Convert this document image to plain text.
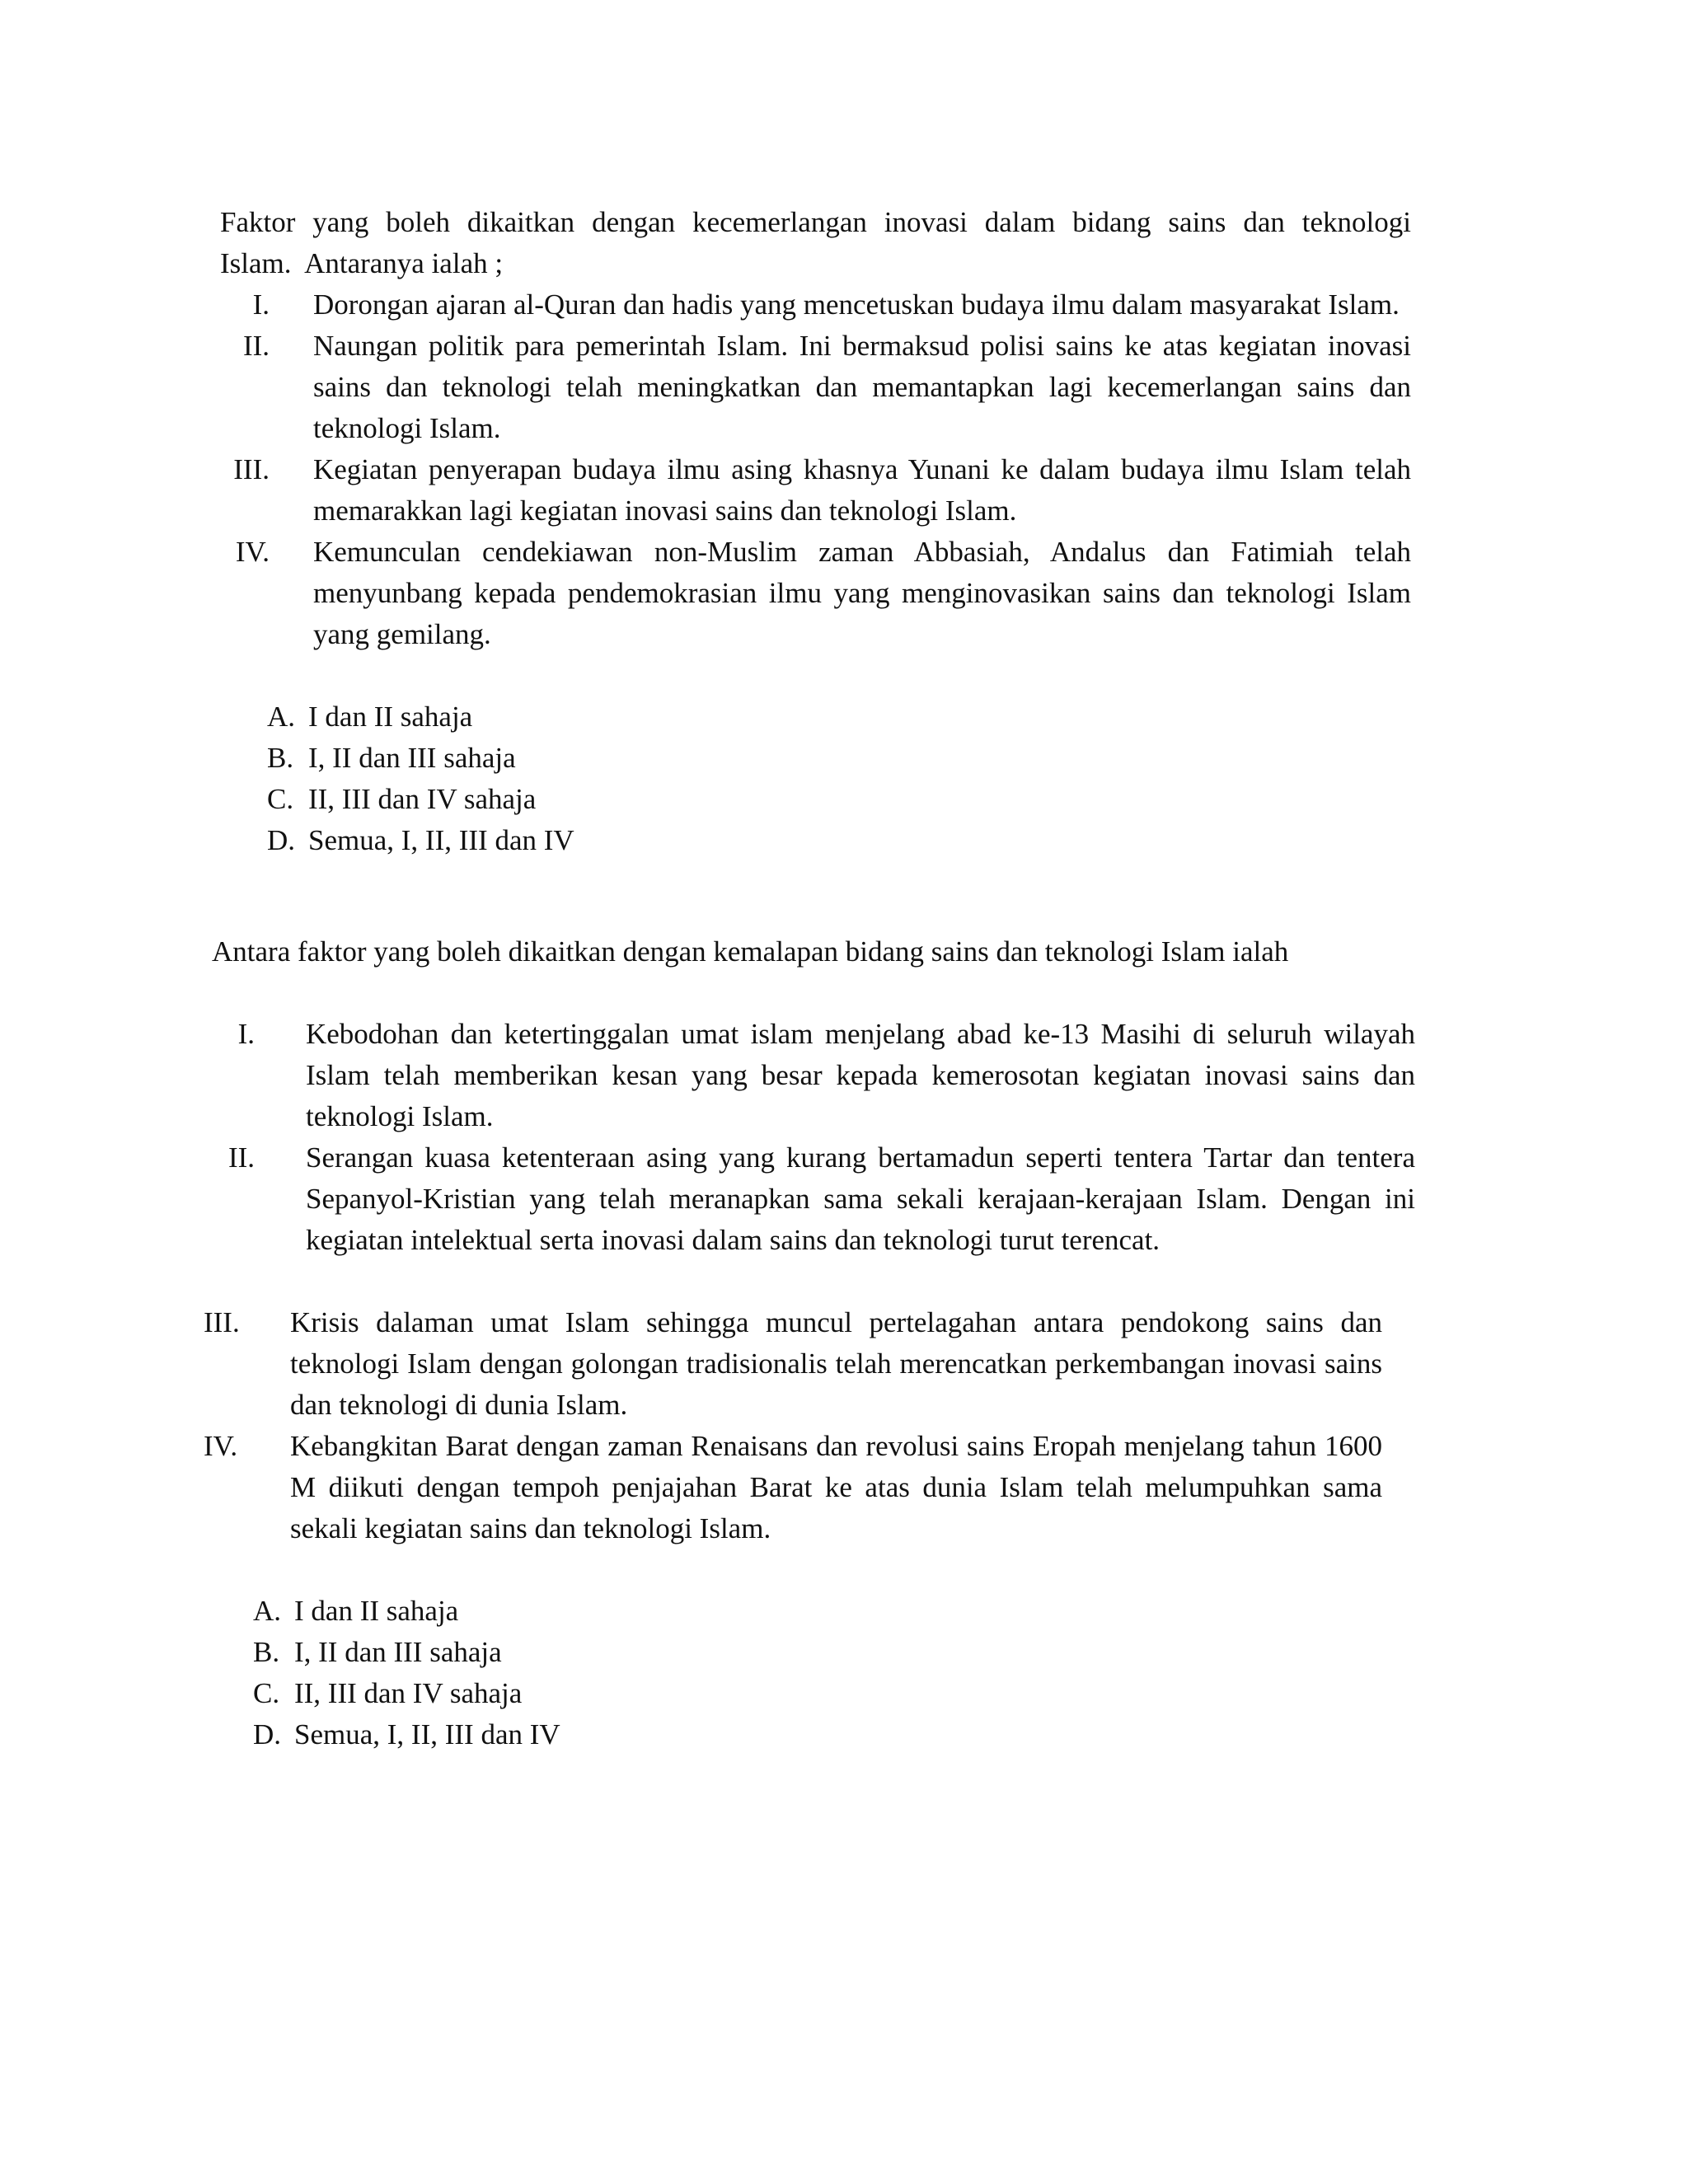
Faktor yang boleh dikaitkan dengan kecemerlangan inovasi dalam bidang sains dan teknologi
Islam.  Antaranya ialah ;
I. Dorongan ajaran al-Quran dan hadis yang mencetuskan budaya ilmu dalam masyarakat Islam.
II. Naungan politik para pemerintah Islam. Ini bermaksud polisi sains ke atas kegiatan inovasi sains dan teknologi telah meningkatkan dan memantapkan lagi kecemerlangan sains dan teknologi Islam.
III. Kegiatan penyerapan budaya ilmu asing khasnya Yunani ke dalam budaya ilmu Islam telah memarakkan lagi kegiatan inovasi sains dan teknologi Islam.
IV. Kemunculan cendekiawan non-Muslim zaman Abbasiah, Andalus dan Fatimiah telah menyunbang kepada pendemokrasian ilmu yang menginovasikan sains dan teknologi Islam yang gemilang.
A. I dan II sahaja
B. I, II dan III sahaja
C. II, III dan IV sahaja
D. Semua, I, II, III dan IV
Antara faktor yang boleh dikaitkan dengan kemalapan bidang sains dan teknologi Islam ialah
I. Kebodohan dan ketertinggalan umat islam menjelang abad ke-13 Masihi di seluruh wilayah Islam telah memberikan kesan yang besar kepada kemerosotan kegiatan inovasi sains dan teknologi Islam.
II. Serangan kuasa ketenteraan asing yang kurang bertamadun seperti tentera Tartar dan tentera Sepanyol-Kristian yang telah meranapkan sama sekali kerajaan-kerajaan Islam. Dengan ini kegiatan intelektual serta inovasi dalam sains dan teknologi turut terencat.
III. Krisis dalaman umat Islam sehingga muncul pertelagahan antara pendokong sains dan teknologi Islam dengan golongan tradisionalis telah merencatkan perkembangan inovasi sains dan teknologi di dunia Islam.
IV. Kebangkitan Barat dengan zaman Renaisans dan revolusi sains Eropah menjelang tahun 1600 M diikuti dengan tempoh penjajahan Barat ke atas dunia Islam telah melumpuhkan sama sekali kegiatan sains dan teknologi Islam.
A. I dan II sahaja
B. I, II dan III sahaja
C. II, III dan IV sahaja
D. Semua, I, II, III dan IV
